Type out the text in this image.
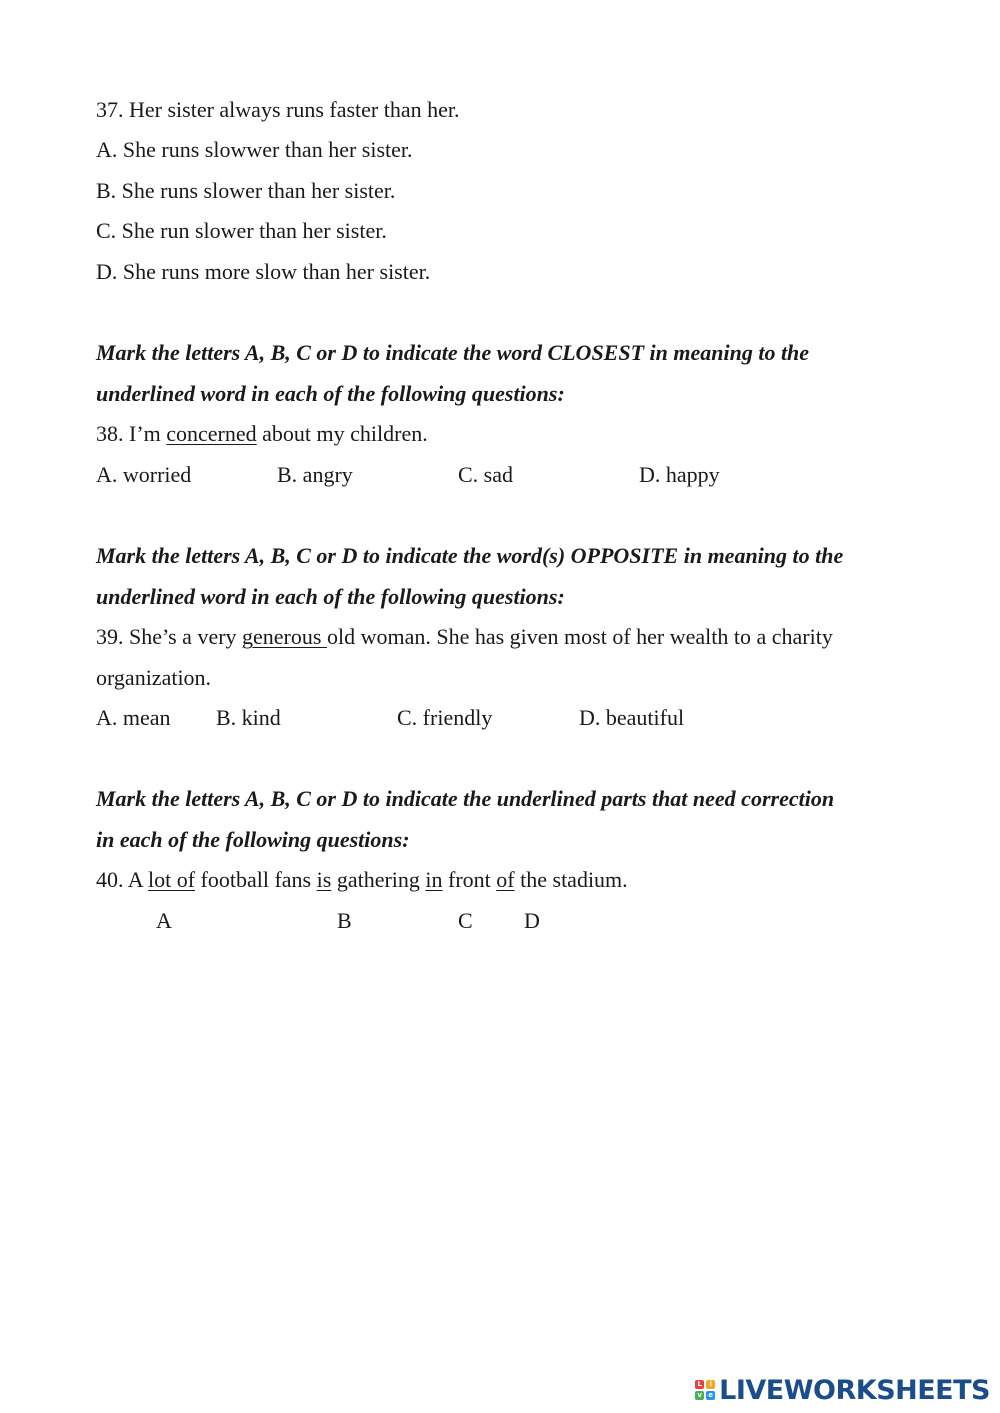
37. Her sister always runs faster than her.
A. She runs slowwer than her sister.
B. She runs slower than her sister.
C. She run slower than her sister.
D. She runs more slow than her sister.
Mark the letters A, B, C or D to indicate the word CLOSEST in meaning to the
underlined word in each of the following questions:
38. I’m concerned about my children.
A. worried	B. angry	C. sad	D. happy
Mark the letters A, B, C or D to indicate the word(s) OPPOSITE in meaning to the
underlined word in each of the following questions:
39. She’s a very generous old woman. She has given most of her wealth to a charity
organization.
A. mean B. kind	C. friendly	D. beautiful
Mark the letters A, B, C or D to indicate the underlined parts that need correction
in each of the following questions:
40. A lot of football fans is gathering in front of the stadium.
A	B	C D
L	i
v e LIVEWORKSHEETS
